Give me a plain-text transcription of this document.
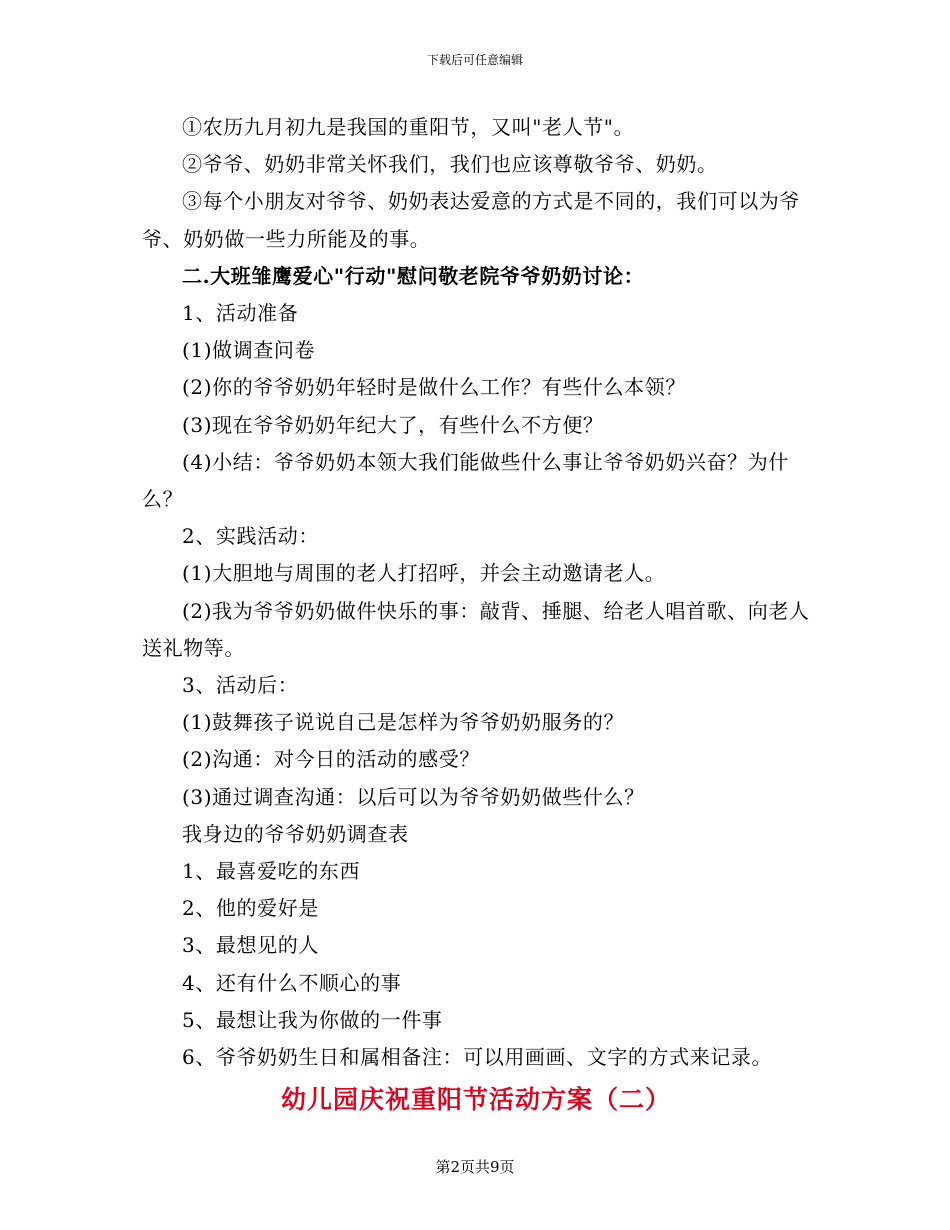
下载后可任意编辑

①农历九月初九是我国的重阳节，又叫"老人节"。

②爷爷、奶奶非常关怀我们，我们也应该尊敬爷爷、奶奶。

③每个小朋友对爷爷、奶奶表达爱意的方式是不同的，我们可以为爷爷、奶奶做一些力所能及的事。

二.大班雏鹰爱心"行动"慰问敬老院爷爷奶奶讨论：

1、活动准备

(1)做调查问卷

(2)你的爷爷奶奶年轻时是做什么工作？有些什么本领？

(3)现在爷爷奶奶年纪大了，有些什么不方便？

(4)小结：爷爷奶奶本领大我们能做些什么事让爷爷奶奶兴奋？为什么？

2、实践活动：

(1)大胆地与周围的老人打招呼，并会主动邀请老人。

(2)我为爷爷奶奶做件快乐的事：敲背、捶腿、给老人唱首歌、向老人送礼物等。

3、活动后：

(1)鼓舞孩子说说自己是怎样为爷爷奶奶服务的？

(2)沟通：对今日的活动的感受？

(3)通过调查沟通：以后可以为爷爷奶奶做些什么？

我身边的爷爷奶奶调查表

1、最喜爱吃的东西

2、他的爱好是

3、最想见的人

4、还有什么不顺心的事

5、最想让我为你做的一件事

6、爷爷奶奶生日和属相备注：可以用画画、文字的方式来记录。

幼儿园庆祝重阳节活动方案（二）
第2页共9页
